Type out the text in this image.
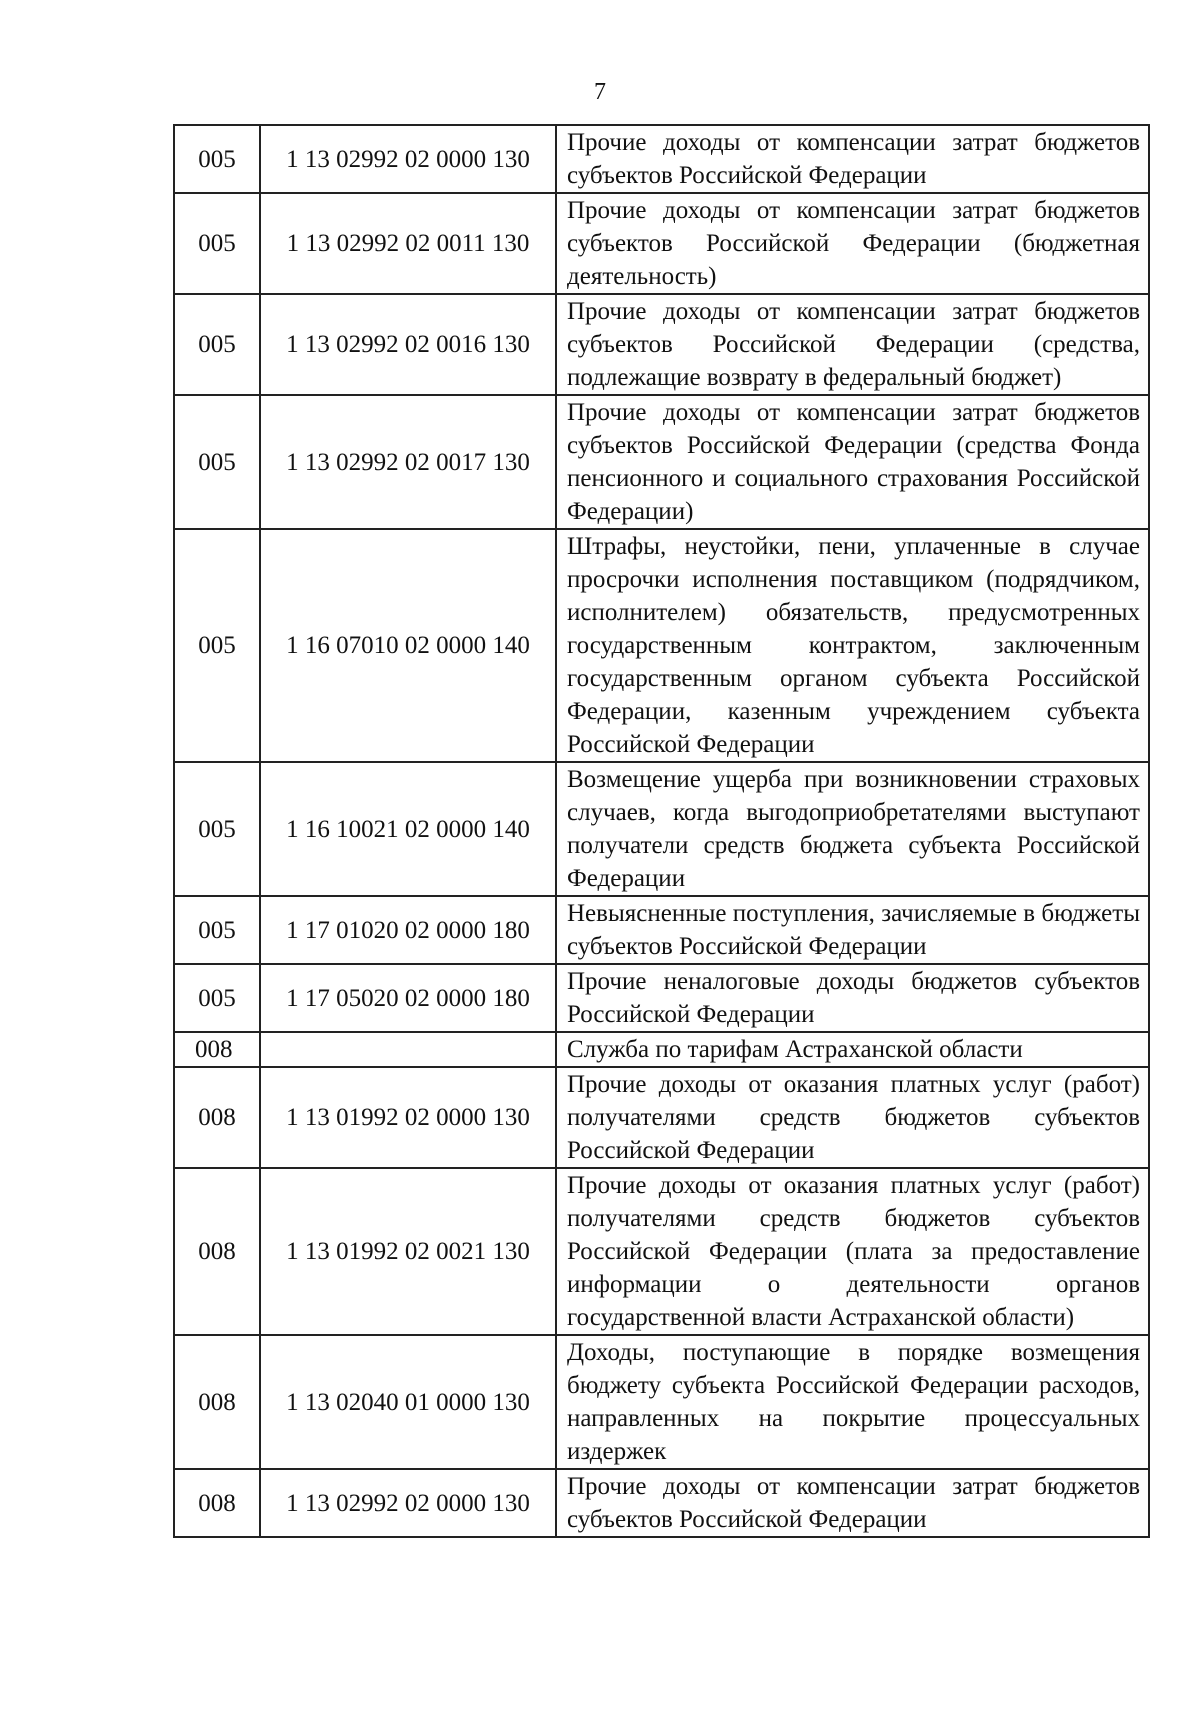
7
005	1 13 02992 02 0000 130	Прочие доходы от компенсации затрат бюджетов субъектов Российской Федерации
005	1 13 02992 02 0011 130	Прочие доходы от компенсации затрат бюджетов субъектов Российской Федерации (бюджетная деятельность)
005	1 13 02992 02 0016 130	Прочие доходы от компенсации затрат бюджетов субъектов Российской Федерации (средства, подлежащие возврату в федеральный бюджет)
005	1 13 02992 02 0017 130	Прочие доходы от компенсации затрат бюджетов субъектов Российской Федерации (средства Фонда пенсионного и социального страхования Российской Федерации)
005	1 16 07010 02 0000 140	Штрафы, неустойки, пени, уплаченные в случае просрочки исполнения поставщиком (подрядчиком, исполнителем) обязательств, предусмотренных государственным контрактом, заключенным государственным органом субъекта Российской Федерации, казенным учреждением субъекта Российской Федерации
005	1 16 10021 02 0000 140	Возмещение ущерба при возникновении страховых случаев, когда выгодоприобретателями выступают получатели средств бюджета субъекта Российской Федерации
005	1 17 01020 02 0000 180	Невыясненные поступления, зачисляемые в бюджеты субъектов Российской Федерации
005	1 17 05020 02 0000 180	Прочие неналоговые доходы бюджетов субъектов Российской Федерации
008		Служба по тарифам Астраханской области
008	1 13 01992 02 0000 130	Прочие доходы от оказания платных услуг (работ) получателями средств бюджетов субъектов Российской Федерации
008	1 13 01992 02 0021 130	Прочие доходы от оказания платных услуг (работ) получателями средств бюджетов субъектов Российской Федерации (плата за предоставление информации о деятельности органов государственной власти Астраханской области)
008	1 13 02040 01 0000 130	Доходы, поступающие в порядке возмещения бюджету субъекта Российской Федерации расходов, направленных на покрытие процессуальных издержек
008	1 13 02992 02 0000 130	Прочие доходы от компенсации затрат бюджетов субъектов Российской Федерации
